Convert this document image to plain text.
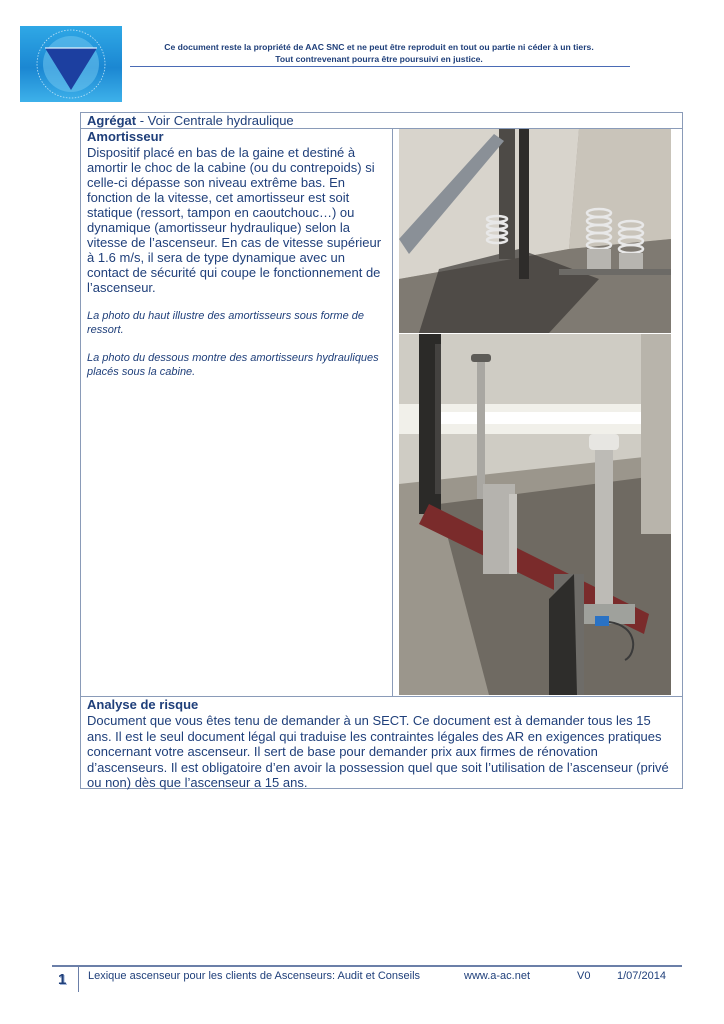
Ce document reste la propriété de AAC SNC et ne peut être reproduit en tout ou partie ni céder à un tiers.
Tout contrevenant pourra être poursuivi en justice.
Agrégat - Voir Centrale hydraulique
Amortisseur
Dispositif placé en bas de la gaine et destiné à amortir le choc de la cabine (ou du contrepoids) si celle-ci dépasse son niveau extrême bas. En fonction de la vitesse, cet amortisseur est soit statique (ressort, tampon en caoutchouc…) ou dynamique (amortisseur hydraulique) selon la vitesse de l’ascenseur. En cas de vitesse supérieur à 1.6 m/s, il sera de type dynamique avec un contact de sécurité qui coupe le fonctionnement de l’ascenseur.
La photo du haut illustre des amortisseurs sous forme de ressort.
La photo du dessous montre des amortisseurs hydrauliques placés sous la cabine.
Analyse de risque
Document que vous êtes tenu de demander à un SECT. Ce document est à demander tous les 15 ans. Il est le seul document légal qui traduise les contraintes légales des AR en exigences pratiques concernant votre ascenseur. Il sert de base pour demander prix aux firmes de rénovation d’ascenseurs. Il est obligatoire d’en avoir la possession quel que soit l’utilisation de l’ascenseur (privé ou non) dès que l’ascenseur a 15 ans.
1	Lexique ascenseur pour les clients de Ascenseurs: Audit et Conseils	www.a-ac.net	V0 1/07/2014
